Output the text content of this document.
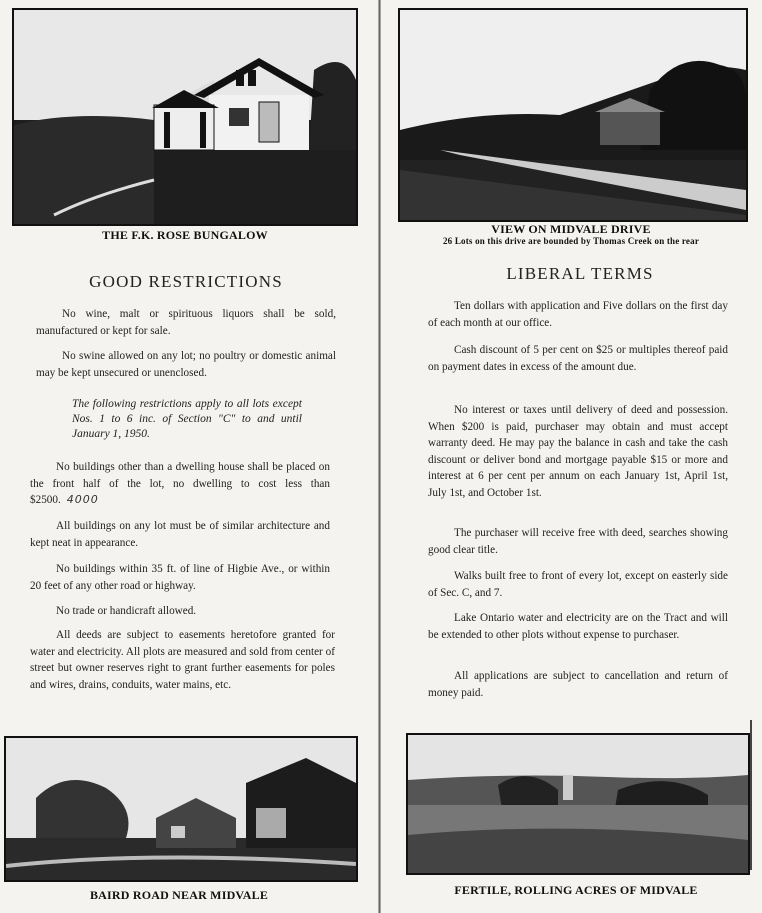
THE F.K. ROSE BUNGALOW	VIEW ON MIDVALE DRIVE
26 Lots on this drive are bounded by Thomas Creek on the rear
GOOD RESTRICTIONS

No wine, malt or spirituous liquors shall be sold, manufactured or kept for sale.

No swine allowed on any lot; no poultry or domestic animal may be kept unsecured or unenclosed.

The following restrictions apply to all lots except Nos. 1 to 6 inc. of Section "C" to and until January 1, 1950.

No buildings other than a dwelling house shall be placed on the front half of the lot, no dwelling to cost less than $2500. 4000

All buildings on any lot must be of similar architecture and kept neat in appearance.

No buildings within 35 ft. of line of Higbie Ave., or within 20 feet of any other road or highway.

No trade or handicraft allowed.

All deeds are subject to easements heretofore granted for water and electricity. All plots are measured and sold from center of street but owner reserves right to grant further easements for poles and wires, drains, conduits, water mains, etc.

LIBERAL TERMS

Ten dollars with application and Five dollars on the first day of each month at our office.

Cash discount of 5 per cent on $25 or multiples thereof paid on payment dates in excess of the amount due.

No interest or taxes until delivery of deed and possession. When $200 is paid, purchaser may obtain and must accept warranty deed. He may pay the balance in cash and take the cash discount or deliver bond and mortgage payable $15 or more and interest at 6 per cent per annum on each January 1st, April 1st, July 1st, and October 1st.

The purchaser will receive free with deed, searches showing good clear title.

Walks built free to front of every lot, except on easterly side of Sec. C, and 7.

Lake Ontario water and electricity are on the Tract and will be extended to other plots without expense to purchaser.

All applications are subject to cancellation and return of money paid.

BAIRD ROAD NEAR MIDVALE	FERTILE, ROLLING ACRES OF MIDVALE
